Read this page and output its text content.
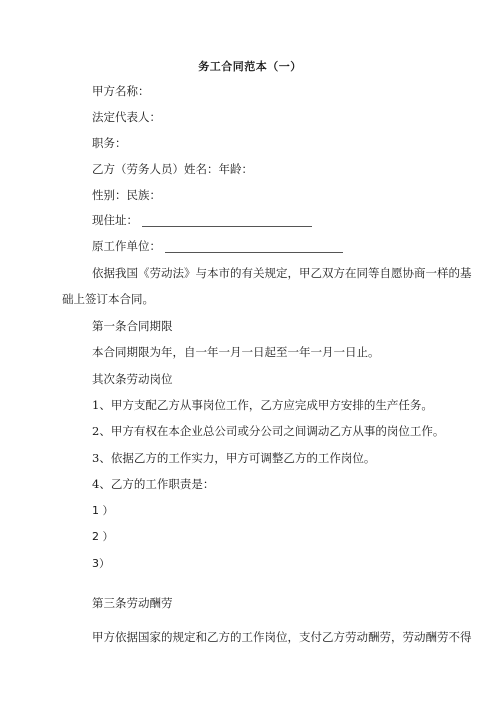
务工合同范本（一）
甲方名称：
法定代表人：
职务：
乙方（劳务人员）姓名：年龄：
性别：民族：
现住址：
原工作单位：
依据我国《劳动法》与本市的有关规定，甲乙双方在同等自愿协商一样的基
础上签订本合同。
第一条合同期限
本合同期限为年，自一年一月一日起至一年一月一日止。
其次条劳动岗位
1、甲方支配乙方从事岗位工作，乙方应完成甲方安排的生产任务。
2、甲方有权在本企业总公司或分公司之间调动乙方从事的岗位工作。
3、依据乙方的工作实力，甲方可调整乙方的工作岗位。
4、乙方的工作职责是：
1 ）
2 ）
3）
第三条劳动酬劳
甲方依据国家的规定和乙方的工作岗位，支付乙方劳动酬劳，劳动酬劳不得
